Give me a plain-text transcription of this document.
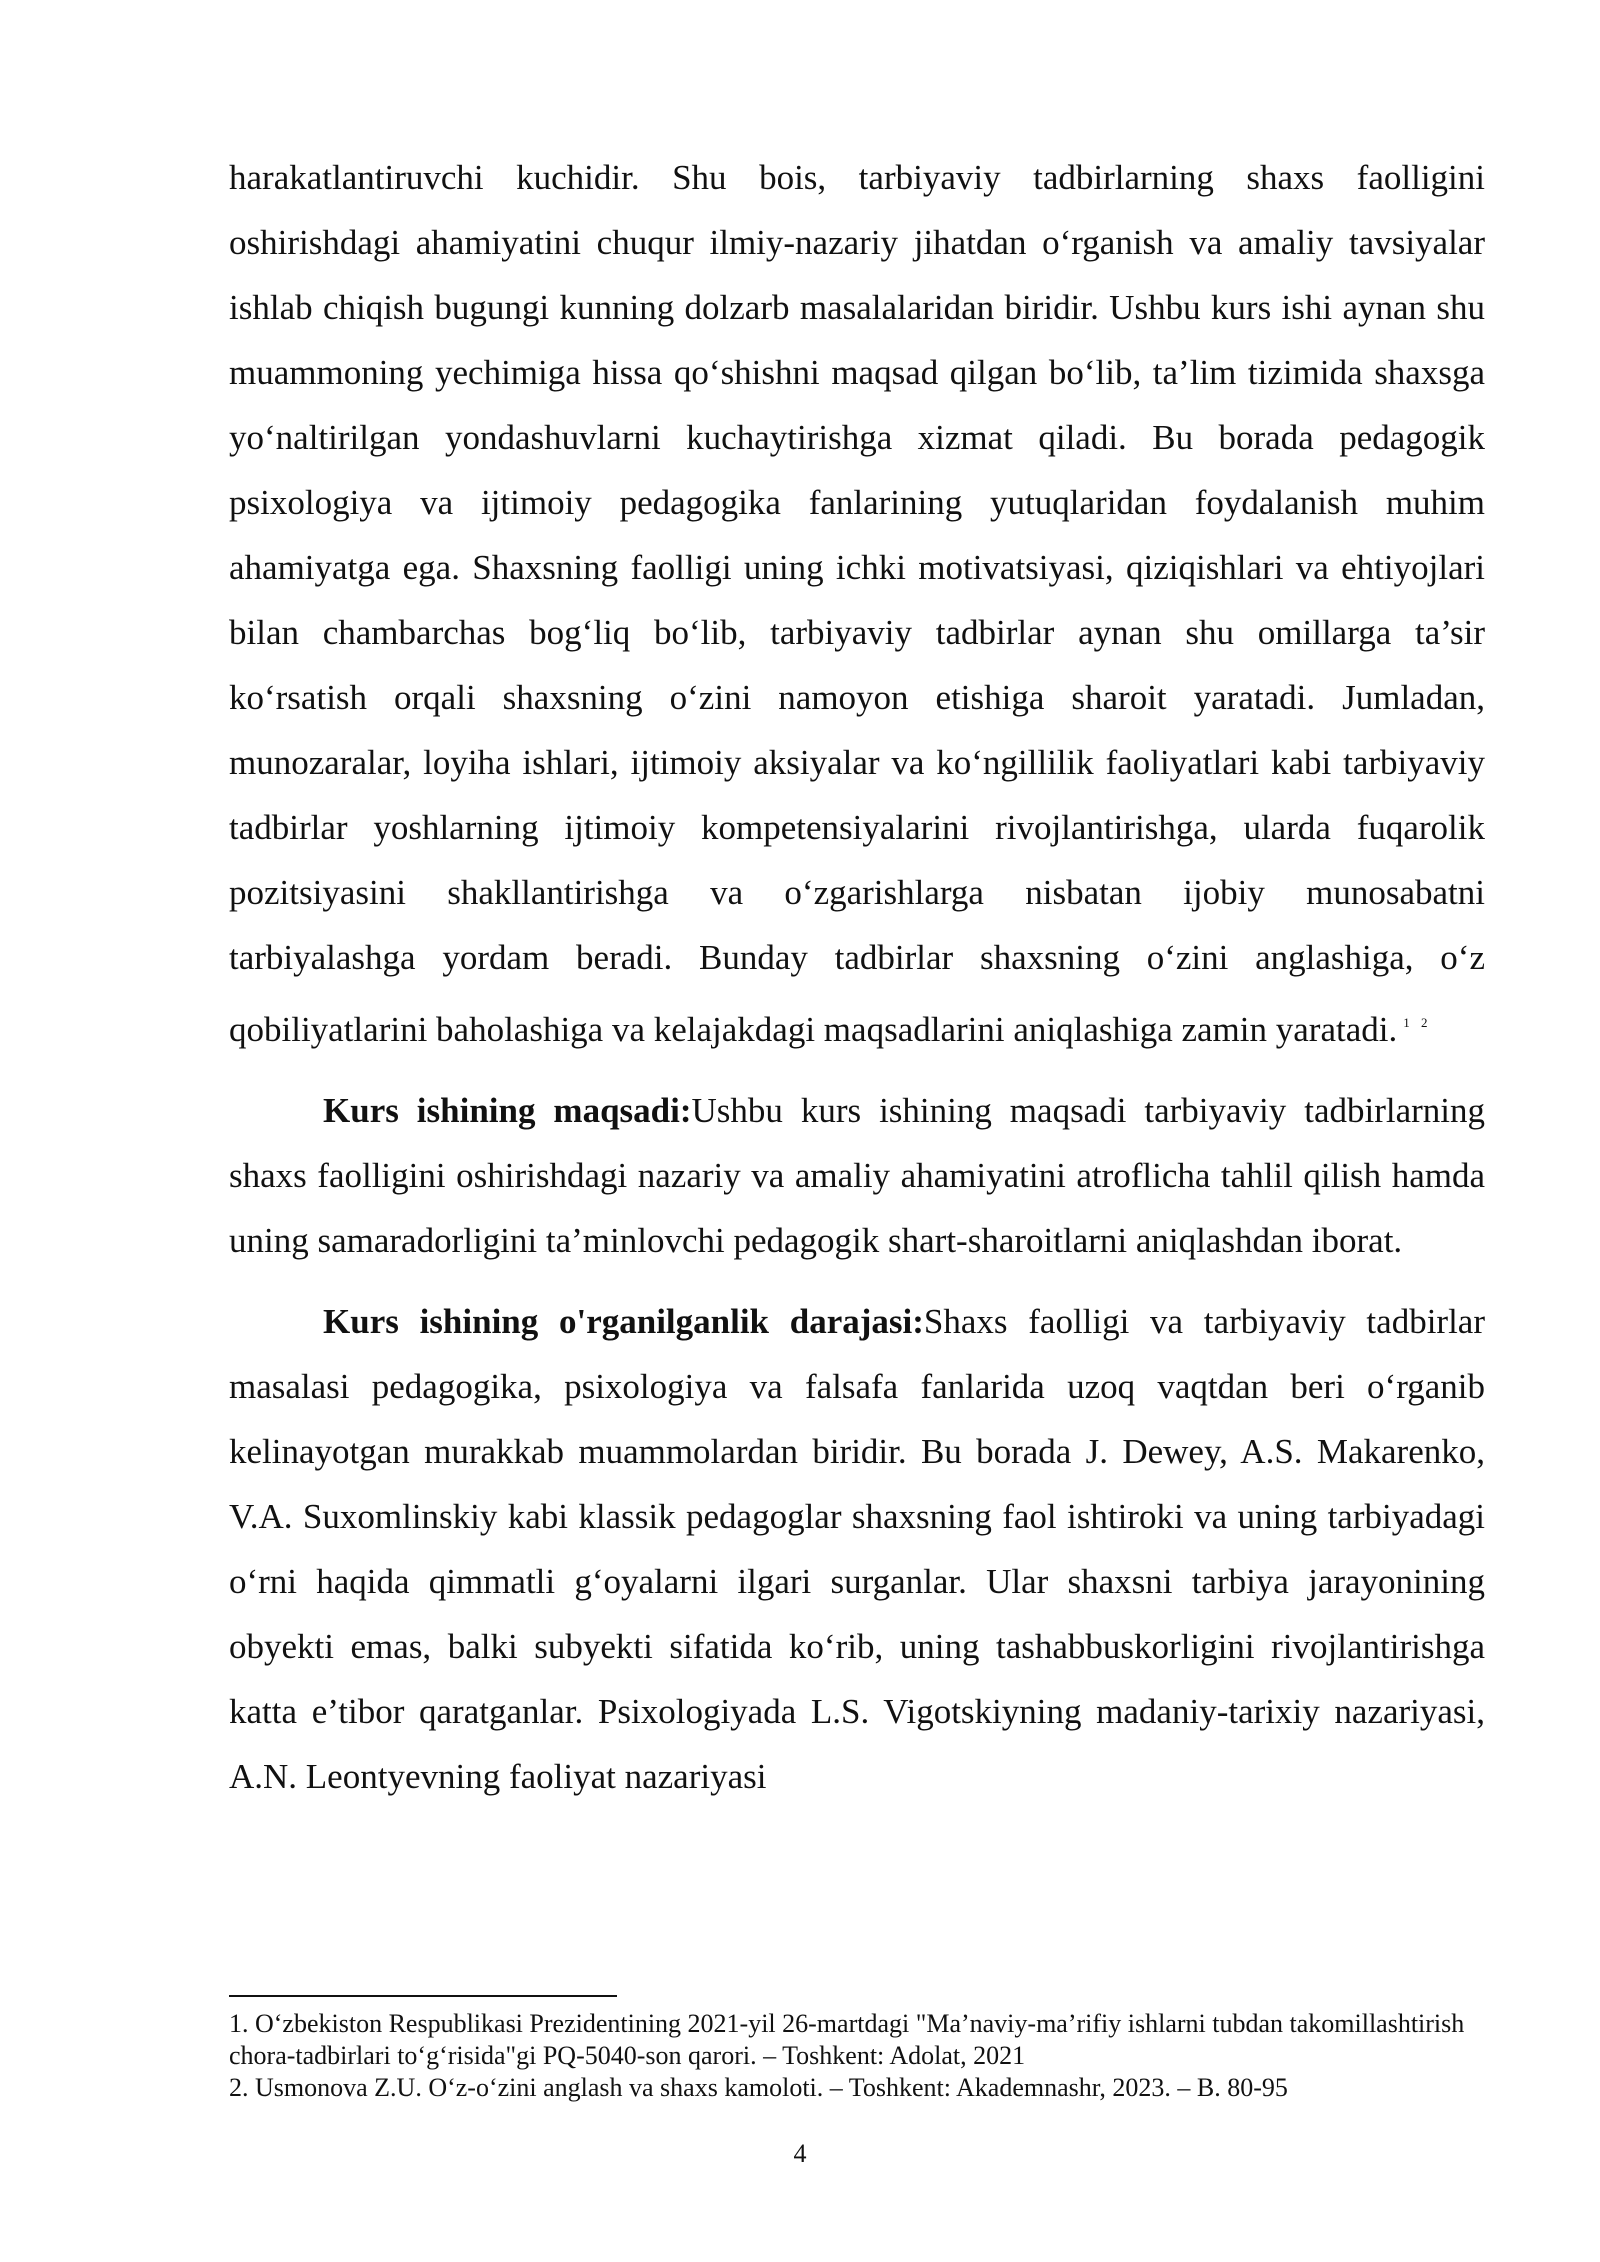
harakatlantiruvchi kuchidir. Shu bois, tarbiyaviy tadbirlarning shaxs faolligini oshirishdagi ahamiyatini chuqur ilmiy-nazariy jihatdan o‘rganish va amaliy tavsiyalar ishlab chiqish bugungi kunning dolzarb masalalaridan biridir. Ushbu kurs ishi aynan shu muammoning yechimiga hissa qo‘shishni maqsad qilgan bo‘lib, ta’lim tizimida shaxsga yo‘naltirilgan yondashuvlarni kuchaytirishga xizmat qiladi. Bu borada pedagogik psixologiya va ijtimoiy pedagogika fanlarining yutuqlaridan foydalanish muhim ahamiyatga ega. Shaxsning faolligi uning ichki motivatsiyasi, qiziqishlari va ehtiyojlari bilan chambarchas bog‘liq bo‘lib, tarbiyaviy tadbirlar aynan shu omillarga ta’sir ko‘rsatish orqali shaxsning o‘zini namoyon etishiga sharoit yaratadi. Jumladan, munozaralar, loyiha ishlari, ijtimoiy aksiyalar va ko‘ngillilik faoliyatlari kabi tarbiyaviy tadbirlar yoshlarning ijtimoiy kompetensiyalarini rivojlantirishga, ularda fuqarolik pozitsiyasini shakllantirishga va o‘zgarishlarga nisbatan ijobiy munosabatni tarbiyalashga yordam beradi. Bunday tadbirlar shaxsning o‘zini anglashiga, o‘z qobiliyatlarini baholashiga va kelajakdagi maqsadlarini aniqlashiga zamin yaratadi. $^{1 2}$

Kurs ishining maqsadi:Ushbu kurs ishining maqsadi tarbiyaviy tadbirlarning shaxs faolligini oshirishdagi nazariy va amaliy ahamiyatini atroflicha tahlil qilish hamda uning samaradorligini ta’minlovchi pedagogik shart-sharoitlarni aniqlashdan iborat.

Kurs ishining o'rganilganlik darajasi:Shaxs faolligi va tarbiyaviy tadbirlar masalasi pedagogika, psixologiya va falsafa fanlarida uzoq vaqtdan beri o‘rganib kelinayotgan murakkab muammolardan biridir. Bu borada J. Dewey, A.S. Makarenko, V.A. Suxomlinskiy kabi klassik pedagoglar shaxsning faol ishtiroki va uning tarbiyadagi o‘rni haqida qimmatli g‘oyalarni ilgari surganlar. Ular shaxsni tarbiya jarayonining obyekti emas, balki subyekti sifatida ko‘rib, uning tashabbuskorligini rivojlantirishga katta e’tibor qaratganlar. Psixologiyada L.S. Vigotskiyning madaniy-tarixiy nazariyasi, A.N. Leontyevning faoliyat nazariyasi

1. O‘zbekiston Respublikasi Prezidentining 2021-yil 26-martdagi "Ma’naviy-ma’rifiy ishlarni tubdan takomillashtirish chora-tadbirlari to‘g‘risida"gi PQ-5040-son qarori. – Toshkent: Adolat, 2021

2. Usmonova Z.U. O‘z-o‘zini anglash va shaxs kamoloti. – Toshkent: Akademnashr, 2023. – B. 80-95

4
